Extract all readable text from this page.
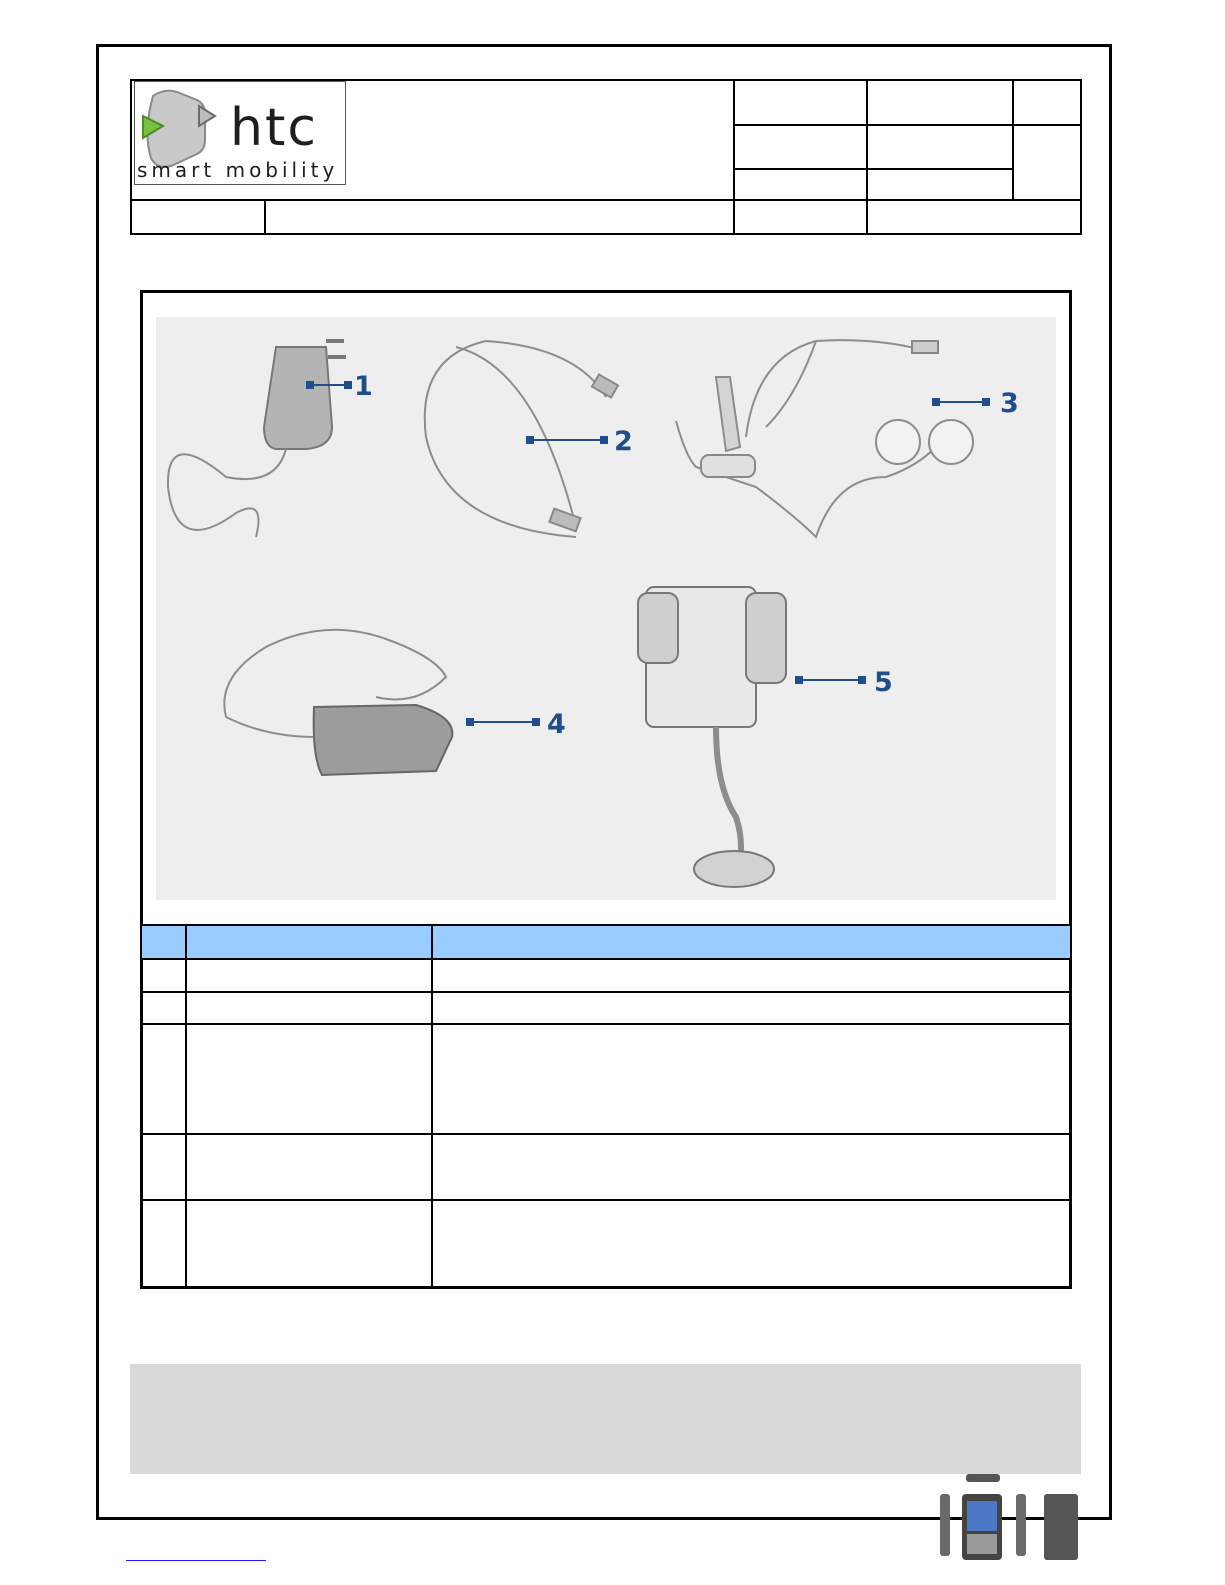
htc
smart mobility
1
2
3
4
5
